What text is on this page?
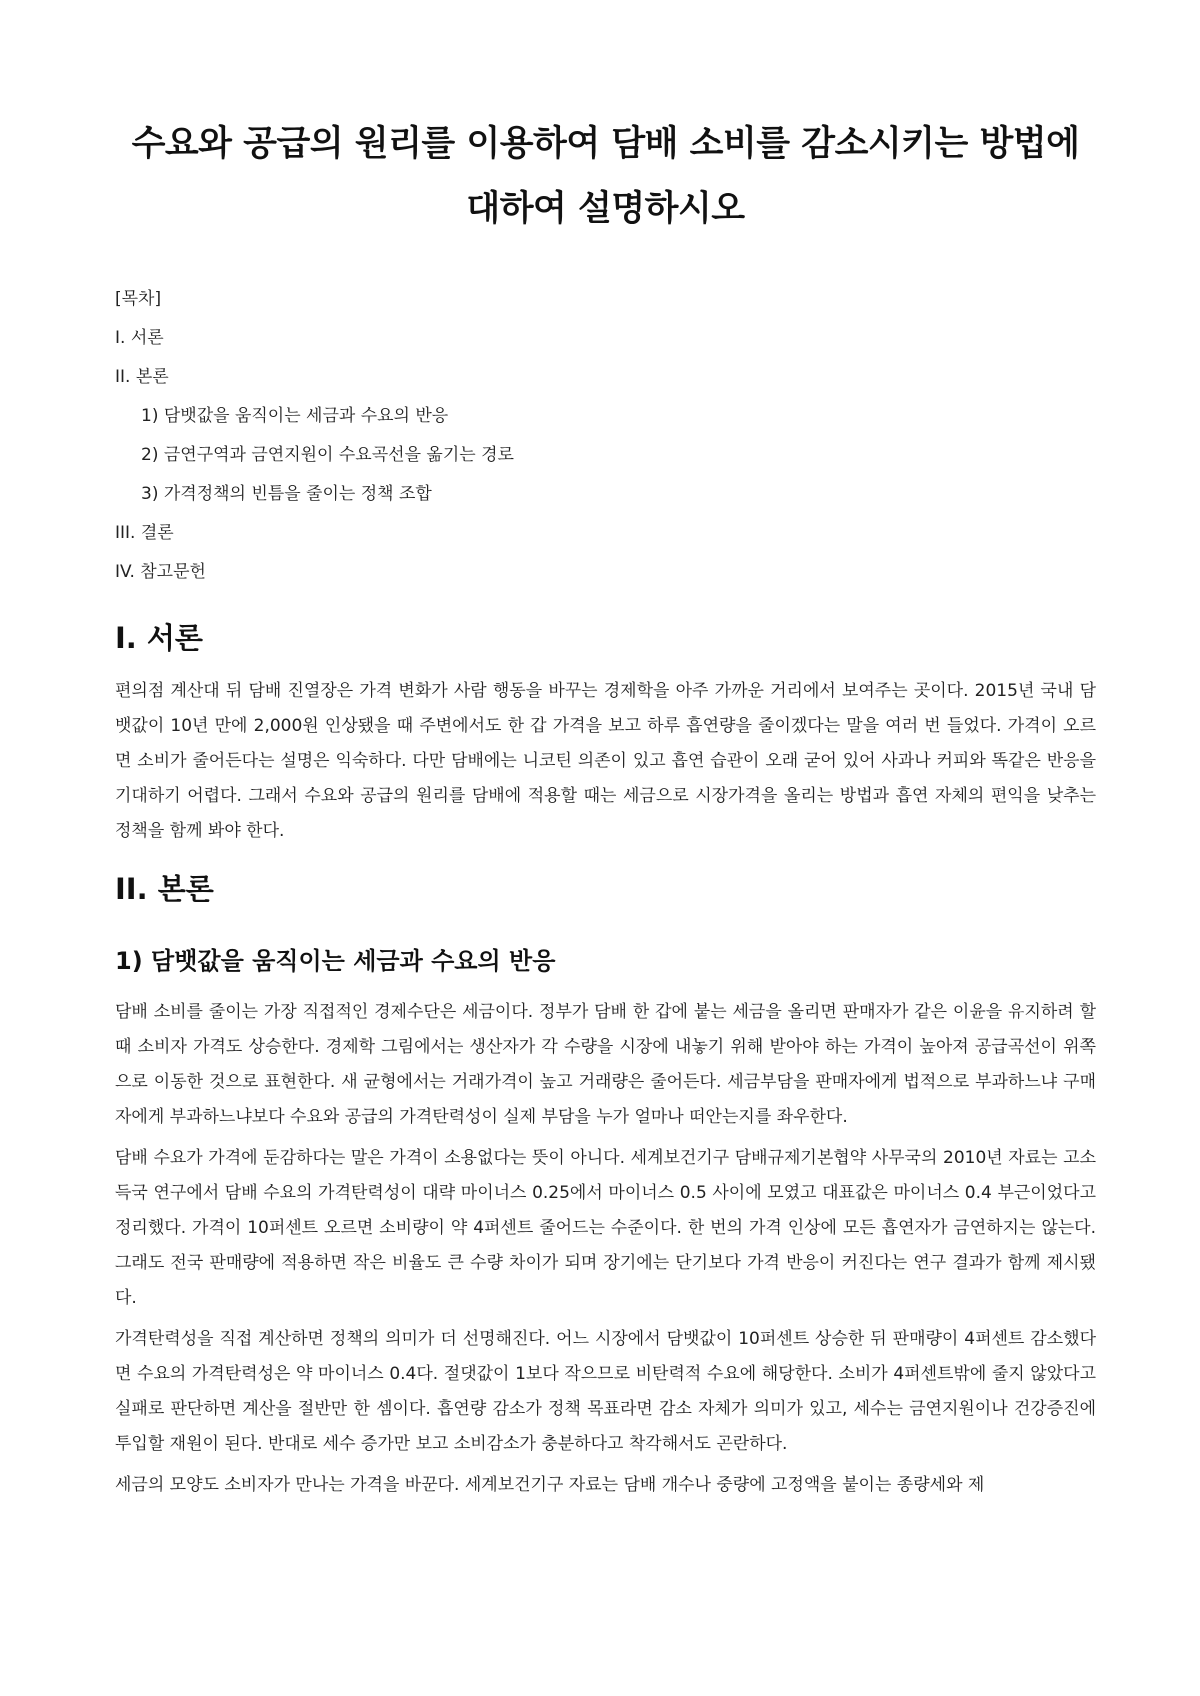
수요와 공급의 원리를 이용하여 담배 소비를 감소시키는 방법에 대하여 설명하시오

[목차]

I. 서론

II. 본론

1) 담뱃값을 움직이는 세금과 수요의 반응

2) 금연구역과 금연지원이 수요곡선을 옮기는 경로

3) 가격정책의 빈틈을 줄이는 정책 조합

III. 결론

IV. 참고문헌

I. 서론

편의점 계산대 뒤 담배 진열장은 가격 변화가 사람 행동을 바꾸는 경제학을 아주 가까운 거리에서 보여주는 곳이다. 2015년 국내 담뱃값이 10년 만에 2,000원 인상됐을 때 주변에서도 한 갑 가격을 보고 하루 흡연량을 줄이겠다는 말을 여러 번 들었다. 가격이 오르면 소비가 줄어든다는 설명은 익숙하다. 다만 담배에는 니코틴 의존이 있고 흡연 습관이 오래 굳어 있어 사과나 커피와 똑같은 반응을 기대하기 어렵다. 그래서 수요와 공급의 원리를 담배에 적용할 때는 세금으로 시장가격을 올리는 방법과 흡연 자체의 편익을 낮추는 정책을 함께 봐야 한다.

II. 본론
1) 담뱃값을 움직이는 세금과 수요의 반응

담배 소비를 줄이는 가장 직접적인 경제수단은 세금이다. 정부가 담배 한 갑에 붙는 세금을 올리면 판매자가 같은 이윤을 유지하려 할 때 소비자 가격도 상승한다. 경제학 그림에서는 생산자가 각 수량을 시장에 내놓기 위해 받아야 하는 가격이 높아져 공급곡선이 위쪽으로 이동한 것으로 표현한다. 새 균형에서는 거래가격이 높고 거래량은 줄어든다. 세금부담을 판매자에게 법적으로 부과하느냐 구매자에게 부과하느냐보다 수요와 공급의 가격탄력성이 실제 부담을 누가 얼마나 떠안는지를 좌우한다.

담배 수요가 가격에 둔감하다는 말은 가격이 소용없다는 뜻이 아니다. 세계보건기구 담배규제기본협약 사무국의 2010년 자료는 고소득국 연구에서 담배 수요의 가격탄력성이 대략 마이너스 0.25에서 마이너스 0.5 사이에 모였고 대표값은 마이너스 0.4 부근이었다고 정리했다. 가격이 10퍼센트 오르면 소비량이 약 4퍼센트 줄어드는 수준이다. 한 번의 가격 인상에 모든 흡연자가 금연하지는 않는다. 그래도 전국 판매량에 적용하면 작은 비율도 큰 수량 차이가 되며 장기에는 단기보다 가격 반응이 커진다는 연구 결과가 함께 제시됐다.

가격탄력성을 직접 계산하면 정책의 의미가 더 선명해진다. 어느 시장에서 담뱃값이 10퍼센트 상승한 뒤 판매량이 4퍼센트 감소했다면 수요의 가격탄력성은 약 마이너스 0.4다. 절댓값이 1보다 작으므로 비탄력적 수요에 해당한다. 소비가 4퍼센트밖에 줄지 않았다고 실패로 판단하면 계산을 절반만 한 셈이다. 흡연량 감소가 정책 목표라면 감소 자체가 의미가 있고, 세수는 금연지원이나 건강증진에 투입할 재원이 된다. 반대로 세수 증가만 보고 소비감소가 충분하다고 착각해서도 곤란하다.

세금의 모양도 소비자가 만나는 가격을 바꾼다. 세계보건기구 자료는 담배 개수나 중량에 고정액을 붙이는 종량세와 제
